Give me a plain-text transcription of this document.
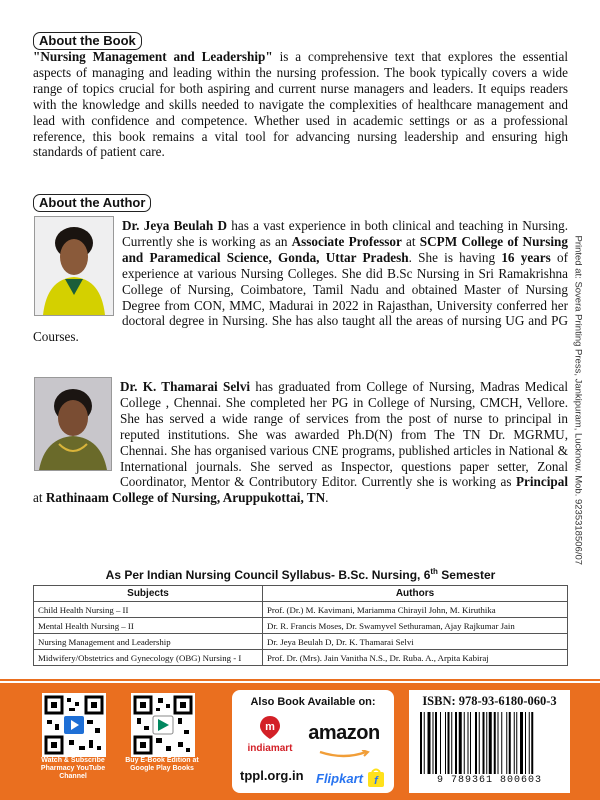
About the Book
"Nursing Management and Leadership" is a comprehensive text that explores the essential aspects of managing and leading within the nursing profession. The book typically covers a wide range of topics crucial for both aspiring and current nurse managers and leaders. It equips readers with the knowledge and skills needed to navigate the complexities of healthcare management and lead with confidence and competence. Whether used in academic settings or as a professional reference, this book remains a vital tool for advancing nursing leadership and ensuring high standards of patient care.
About the Author
Dr. Jeya Beulah D has a vast experience in both clinical and teaching in Nursing. Currently she is working as an Associate Professor at SCPM College of Nursing and Paramedical Science, Gonda, Uttar Pradesh. She is having 16 years of experience at various Nursing Colleges. She did B.Sc Nursing in Sri Ramakrishna College of Nursing, Coimbatore, Tamil Nadu and obtained Master of Nursing Degree from CON, MMC, Madurai in 2022 in Rajasthan, University conferred her doctoral degree in Nursing. She has also taught all the areas of nursing UG and PG Courses.
Dr. K. Thamarai Selvi has graduated from College of Nursing, Madras Medical College , Chennai. She completed her PG in College of Nursing, CMCH, Vellore. She has served a wide range of services from the post of nurse to principal in reputed institutions. She was awarded Ph.D(N) from The TN Dr. MGRMU, Chennai. She has organised various CNE programs, published articles in National & International journals. She served as Inspector, questions paper setter, Zonal Coordinator, Mentor & Contributory Editor. Currently she is working as Principal at Rathinaam College of Nursing, Aruppukottai, TN.	Printed at: Sovera Printing Press, Jankipuram, Lucknow. Mob. 9235318506/07
As Per Indian Nursing Council Syllabus- B.Sc. Nursing, 6th Semester
Subjects	Authors
Child Health Nursing – II	Prof. (Dr.) M. Kavimani, Mariamma Chirayil John, M. Kiruthika
Mental Health Nursing – II	Dr. R. Francis Moses, Dr. Swamyvel Sethuraman, Ajay Rajkumar Jain
Nursing Management and Leadership	Dr. Jeya Beulah D, Dr. K. Thamarai Selvi
Midwifery/Obstetrics and Gynecology (OBG) Nursing - I	Prof. Dr. (Mrs). Jain Vanitha N.S., Dr. Ruba. A., Arpita Kabiraj
Watch & Subscribe Pharmacy YouTube Channel
Buy E-Book Edition at Google Play Books
Also Book Available on:
m
indiamart
amazon
tppl.org.in Flipkart f
ISBN: 978-93-6180-060-3
9 789361 800603
